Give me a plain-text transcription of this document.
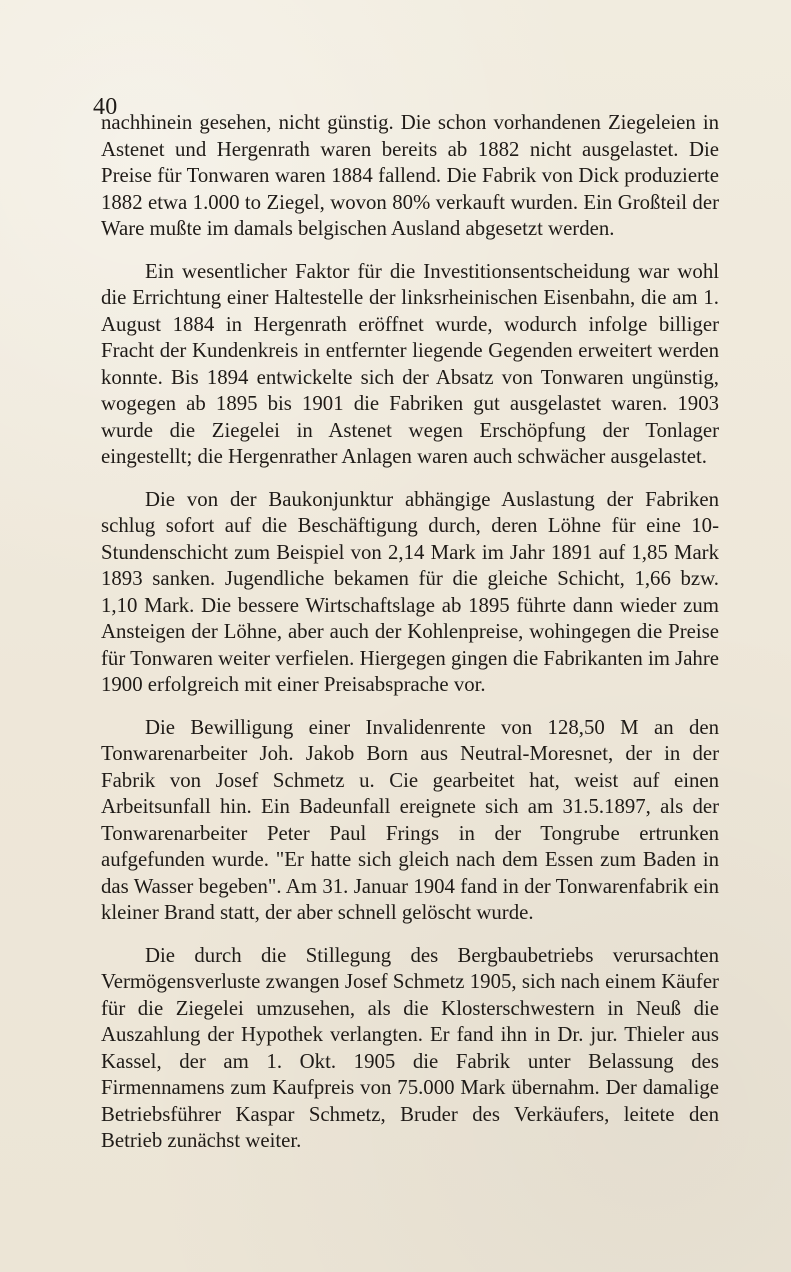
40

nachhinein gesehen, nicht günstig. Die schon vorhandenen Ziegeleien in Astenet und Hergenrath waren bereits ab 1882 nicht ausgelastet. Die Preise für Tonwaren waren 1884 fallend. Die Fabrik von Dick produzierte 1882 etwa 1.000 to Ziegel, wovon 80% verkauft wurden. Ein Großteil der Ware mußte im damals belgischen Ausland abgesetzt werden.

Ein wesentlicher Faktor für die Investitionsentscheidung war wohl die Errichtung einer Haltestelle der linksrheinischen Eisenbahn, die am 1. August 1884 in Hergenrath eröffnet wurde, wodurch infolge billiger Fracht der Kundenkreis in entfernter liegende Gegenden erweitert werden konnte. Bis 1894 entwickelte sich der Absatz von Tonwaren ungünstig, wogegen ab 1895 bis 1901 die Fabriken gut ausgelastet waren. 1903 wurde die Ziegelei in Astenet wegen Erschöpfung der Tonlager eingestellt; die Hergenrather Anlagen waren auch schwächer ausgelastet.

Die von der Baukonjunktur abhängige Auslastung der Fabriken schlug sofort auf die Beschäftigung durch, deren Löhne für eine 10-Stundenschicht zum Beispiel von 2,14 Mark im Jahr 1891 auf 1,85 Mark 1893 sanken. Jugendliche bekamen für die gleiche Schicht, 1,66 bzw. 1,10 Mark. Die bessere Wirtschaftslage ab 1895 führte dann wieder zum Ansteigen der Löhne, aber auch der Kohlenpreise, wohingegen die Preise für Tonwaren weiter verfielen. Hiergegen gingen die Fabrikanten im Jahre 1900 erfolgreich mit einer Preisabsprache vor.

Die Bewilligung einer Invalidenrente von 128,50 M an den Tonwarenarbeiter Joh. Jakob Born aus Neutral-Moresnet, der in der Fabrik von Josef Schmetz u. Cie gearbeitet hat, weist auf einen Arbeitsunfall hin. Ein Badeunfall ereignete sich am 31.5.1897, als der Tonwarenarbeiter Peter Paul Frings in der Tongrube ertrunken aufgefunden wurde. "Er hatte sich gleich nach dem Essen zum Baden in das Wasser begeben". Am 31. Januar 1904 fand in der Tonwarenfabrik ein kleiner Brand statt, der aber schnell gelöscht wurde.

Die durch die Stillegung des Bergbaubetriebs verursachten Vermögensverluste zwangen Josef Schmetz 1905, sich nach einem Käufer für die Ziegelei umzusehen, als die Klosterschwestern in Neuß die Auszahlung der Hypothek verlangten. Er fand ihn in Dr. jur. Thieler aus Kassel, der am 1. Okt. 1905 die Fabrik unter Belassung des Firmennamens zum Kaufpreis von 75.000 Mark übernahm. Der damalige Betriebsführer Kaspar Schmetz, Bruder des Verkäufers, leitete den Betrieb zunächst weiter.
